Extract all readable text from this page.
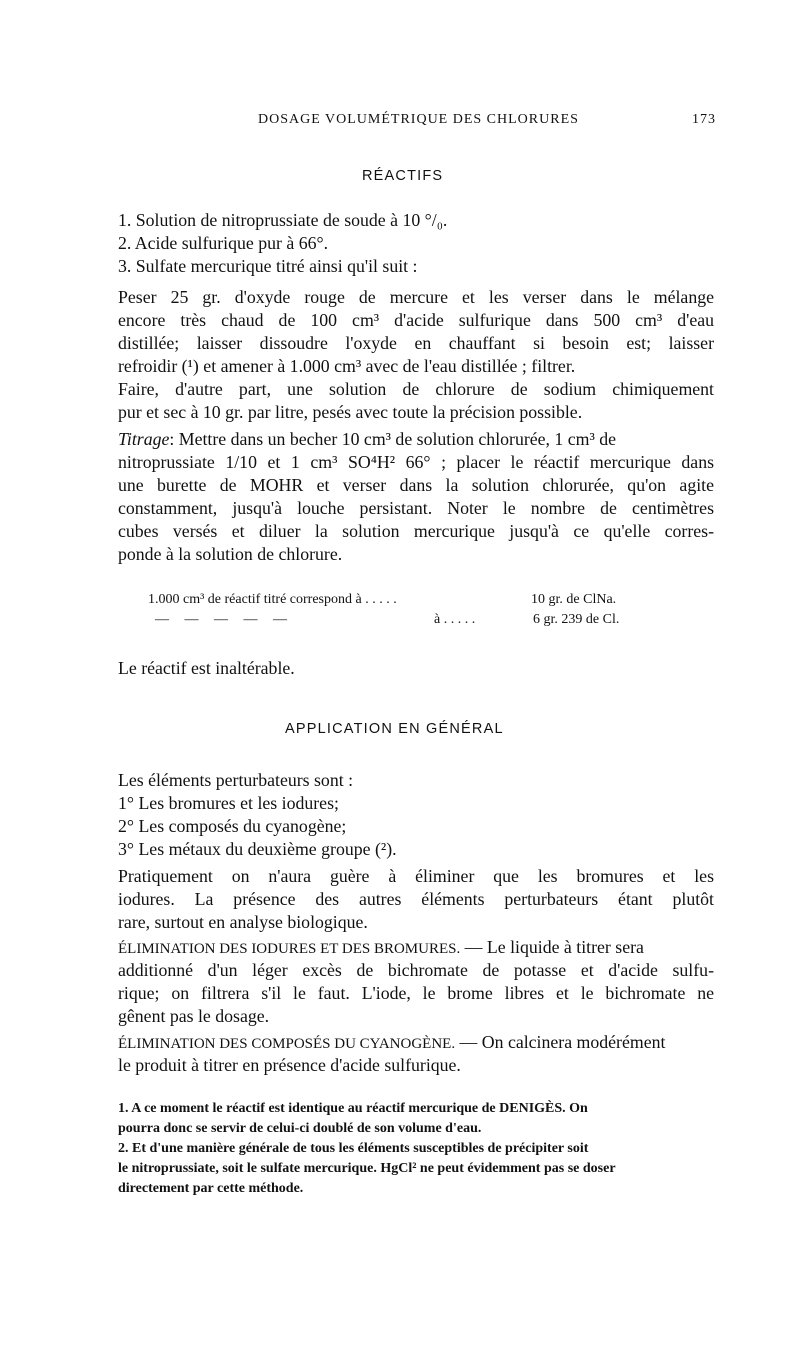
DOSAGE VOLUMÉTRIQUE DES CHLORURES	173
RÉACTIFS
1. Solution de nitroprussiate de soude à 10 °/₀.
2. Acide sulfurique pur à 66°.
3. Sulfate mercurique titré ainsi qu'il suit :
Peser 25 gr. d'oxyde rouge de mercure et les verser dans le mélange
encore très chaud de 100 cm³ d'acide sulfurique dans 500 cm³ d'eau
distillée; laisser dissoudre l'oxyde en chauffant si besoin est; laisser
refroidir (¹) et amener à 1.000 cm³ avec de l'eau distillée ; filtrer.
Faire, d'autre part, une solution de chlorure de sodium chimiquement
pur et sec à 10 gr. par litre, pesés avec toute la précision possible.
Titrage: Mettre dans un becher 10 cm³ de solution chlorurée, 1 cm³ de
nitroprussiate 1/10 et 1 cm³ SO⁴H² 66° ; placer le réactif mercurique dans
une burette de MOHR et verser dans la solution chlorurée, qu'on agite
constamment, jusqu'à louche persistant. Noter le nombre de centimètres
cubes versés et diluer la solution mercurique jusqu'à ce qu'elle corres-
ponde à la solution de chlorure.
1.000 cm³ de réactif titré correspond à . . . . .	10 gr. de ClNa.
— — — — —	à . . . . .	6 gr. 239 de Cl.
Le réactif est inaltérable.
APPLICATION EN GÉNÉRAL
Les éléments perturbateurs sont :
1° Les bromures et les iodures;
2° Les composés du cyanogène;
3° Les métaux du deuxième groupe (²).
Pratiquement on n'aura guère à éliminer que les bromures et les
iodures. La présence des autres éléments perturbateurs étant plutôt
rare, surtout en analyse biologique.
ÉLIMINATION DES IODURES ET DES BROMURES. — Le liquide à titrer sera
additionné d'un léger excès de bichromate de potasse et d'acide sulfu-
rique; on filtrera s'il le faut. L'iode, le brome libres et le bichromate ne
gênent pas le dosage.
ÉLIMINATION DES COMPOSÉS DU CYANOGÈNE. — On calcinera modérément
le produit à titrer en présence d'acide sulfurique.
1. A ce moment le réactif est identique au réactif mercurique de DENIGÈS. On
pourra donc se servir de celui-ci doublé de son volume d'eau.
2. Et d'une manière générale de tous les éléments susceptibles de précipiter soit
le nitroprussiate, soit le sulfate mercurique. HgCl² ne peut évidemment pas se doser
directement par cette méthode.
